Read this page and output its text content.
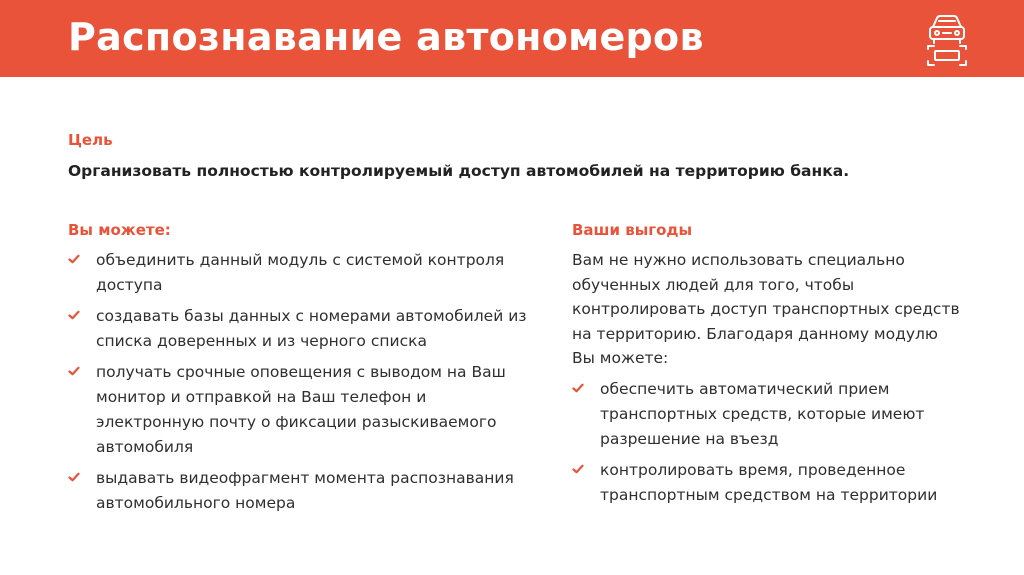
Распознавание автономеров
Цель

Организовать полностью контролируемый доступ автомобилей на территорию банка.

Вы можете:
объединить данный модуль с системой контроля доступа
создавать базы данных с номерами автомобилей из списка доверенных и из черного списка
получать срочные оповещения с выводом на Ваш монитор и отправкой на Ваш телефон и электронную почту о фиксации разыскиваемого автомобиля
выдавать видеофрагмент момента распознавания автомобильного номера
Ваши выгоды

Вам не нужно использовать специально обученных людей для того, чтобы контролировать доступ транспортных средств на территорию. Благодаря данному модулю Вы можете:

обеспечить автоматический прием транспортных средств, которые имеют разрешение на въезд
контролировать время, проведенное транспортным средством на территории
